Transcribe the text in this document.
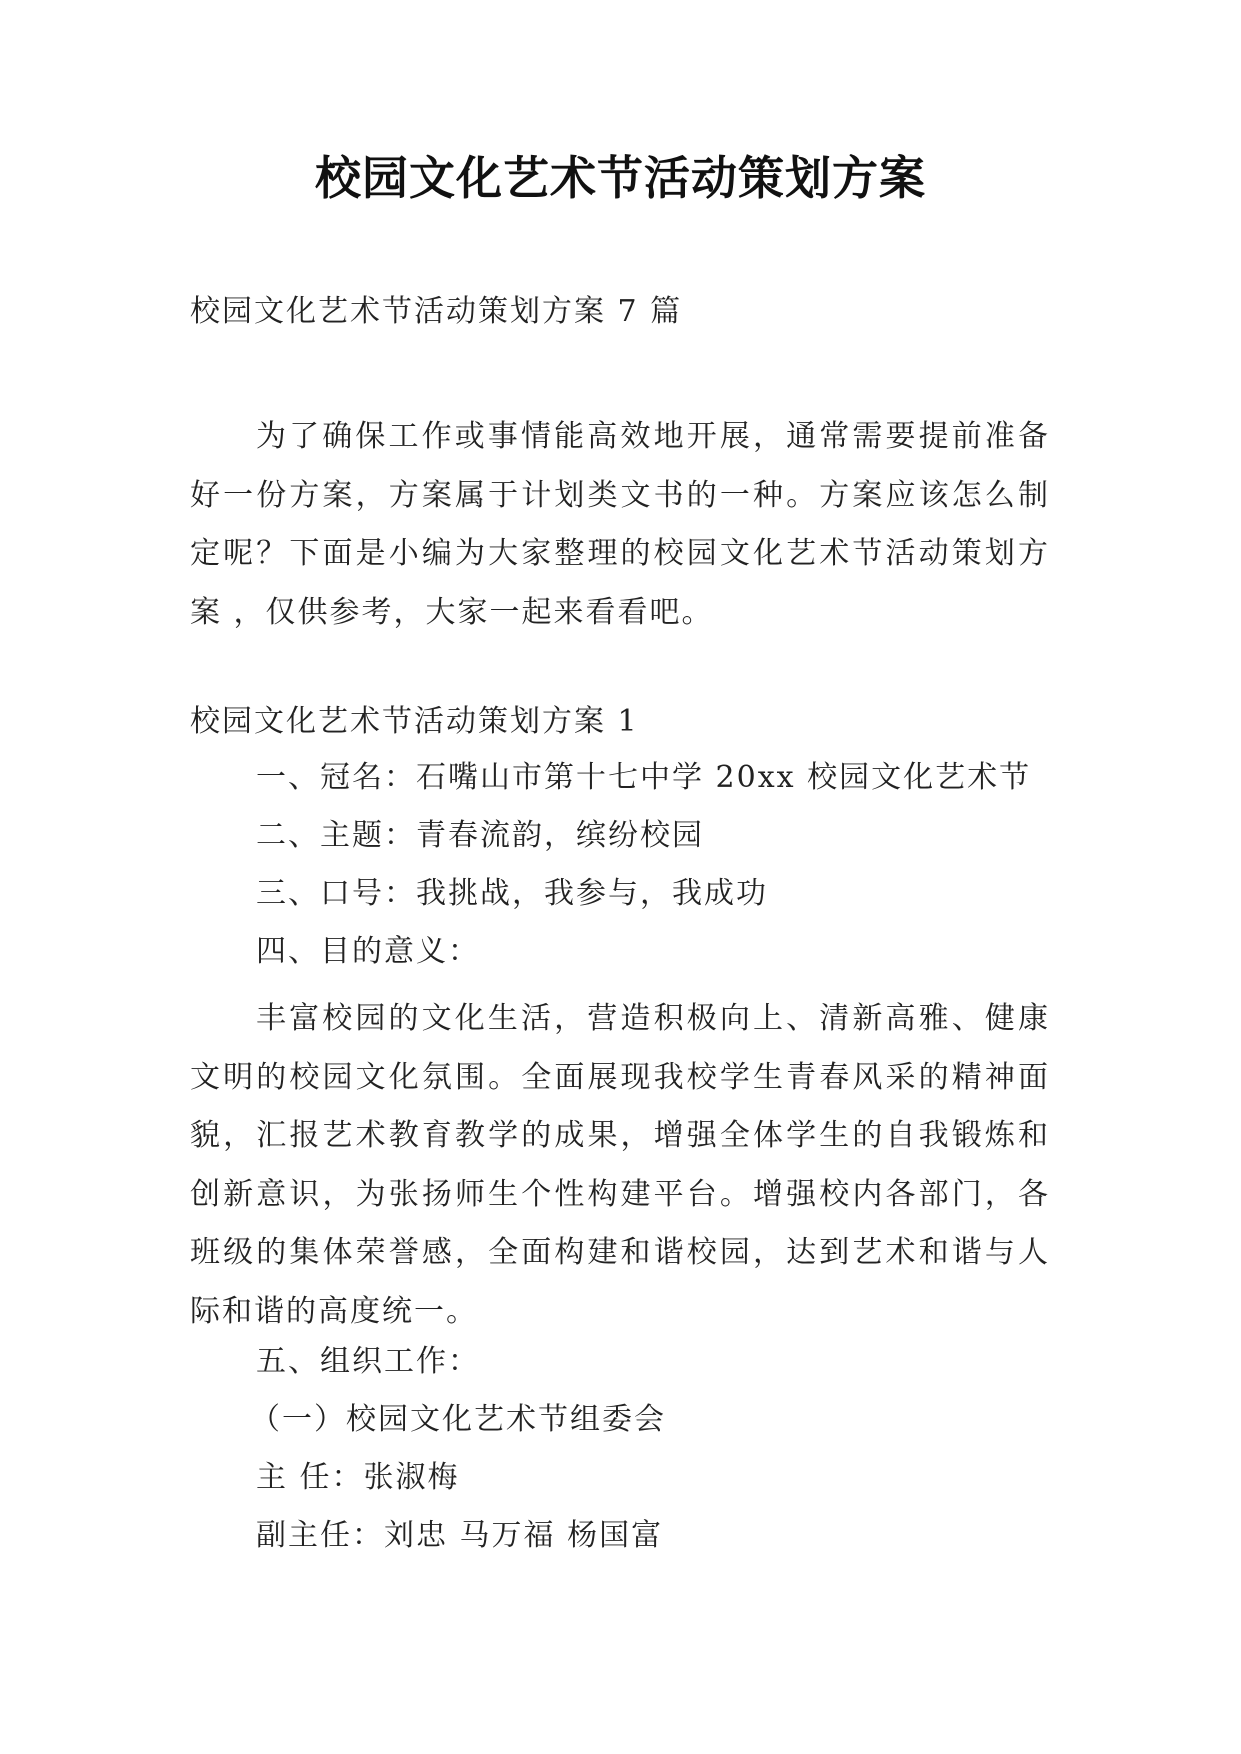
校园文化艺术节活动策划方案
校园文化艺术节活动策划方案 7 篇
为了确保工作或事情能高效地开展，通常需要提前准备好一份方案，方案属于计划类文书的一种。方案应该怎么制定呢？下面是小编为大家整理的校园文化艺术节活动策划方案 ，仅供参考，大家一起来看看吧。
校园文化艺术节活动策划方案 1
一、冠名：石嘴山市第十七中学 20xx 校园文化艺术节
二、主题：青春流韵，缤纷校园
三、口号：我挑战，我参与，我成功
四、目的意义：
丰富校园的文化生活，营造积极向上、清新高雅、健康文明的校园文化氛围。全面展现我校学生青春风采的精神面貌，汇报艺术教育教学的成果，增强全体学生的自我锻炼和创新意识，为张扬师生个性构建平台。增强校内各部门，各班级的集体荣誉感，全面构建和谐校园，达到艺术和谐与人际和谐的高度统一。
五、组织工作：
（一）校园文化艺术节组委会
主 任：张淑梅
副主任：刘忠 马万福 杨国富
